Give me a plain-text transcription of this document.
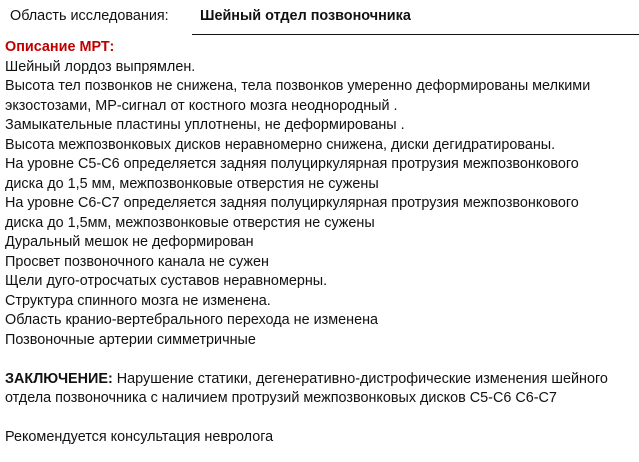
Область исследования: Шейный отдел позвоночника
Описание МРТ:
Шейный лордоз выпрямлен.
Высота тел позвонков не снижена, тела позвонков умеренно деформированы мелкими
экзостозами, МР-сигнал от костного мозга неоднородный .
Замыкательные пластины уплотнены, не деформированы .
Высота межпозвонковых дисков неравномерно снижена, диски дегидратированы.
На уровне С5-С6 определяется задняя полуциркулярная протрузия межпозвонкового
диска до 1,5 мм, межпозвонковые отверстия не сужены
На уровне С6-С7 определяется задняя полуциркулярная протрузия межпозвонкового
диска до 1,5мм, межпозвонковые отверстия не сужены
Дуральный мешок не деформирован
Просвет позвоночного канала не сужен
Щели дуго-отросчатых суставов неравномерны.
Структура спинного мозга не изменена.
Область кранио-вертебрального перехода не изменена
Позвоночные артерии симметричные
ЗАКЛЮЧЕНИЕ: Нарушение статики, дегенеративно-дистрофические изменения шейного
отдела позвоночника с наличием протрузий межпозвонковых дисков С5-С6 С6-С7
Рекомендуется консультация невролога
